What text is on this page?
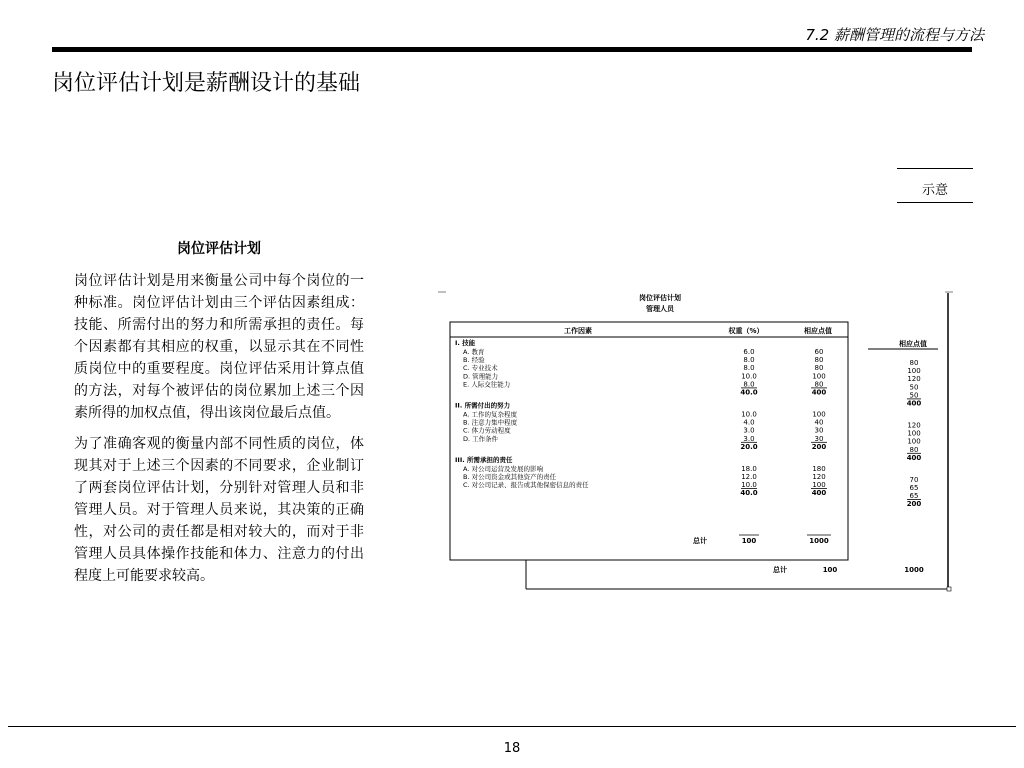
7.2 薪酬管理的流程与方法
岗位评估计划是薪酬设计的基础
示意
岗位评估计划

岗位评估计划是用来衡量公司中每个岗位的一种标准。岗位评估计划由三个评估因素组成：技能、所需付出的努力和所需承担的责任。每个因素都有其相应的权重，以显示其在不同性质岗位中的重要程度。岗位评估采用计算点值的方法，对每个被评估的岗位累加上述三个因素所得的加权点值，得出该岗位最后点值。

为了准确客观的衡量内部不同性质的岗位，体现其对于上述三个因素的不同要求，企业制订了两套岗位评估计划，分别针对管理人员和非管理人员。对于管理人员来说，其决策的正确性，对公司的责任都是相对较大的，而对于非管理人员具体操作技能和体力、注意力的付出程度上可能要求较高。

岗位评估计划
管理人员
工作因素	权重（%）	相应点值
相应点值
I. 技能
A. 教育	6.0	60
B. 经验	8.0	80
C. 专业技术	8.0	80
D. 管理能力	10.0	100
E. 人际交往能力	8.0	80
40.0	400
80
100
120
50
50
400
II. 所需付出的努力
A. 工作的复杂程度	10.0	100
B. 注意力集中程度	4.0	40
C. 体力劳动程度	3.0	30
D. 工作条件	3.0	30
20.0	200
120
100
100
80
400
III. 所需承担的责任
A. 对公司运营及发展的影响	18.0	180
B. 对公司资金或其他资产的责任	12.0	120
C. 对公司记录、报告或其他保密信息的责任	10.0	100
40.0	400
70
65
65
200
总计	100	1000
总计	100	1000
18
